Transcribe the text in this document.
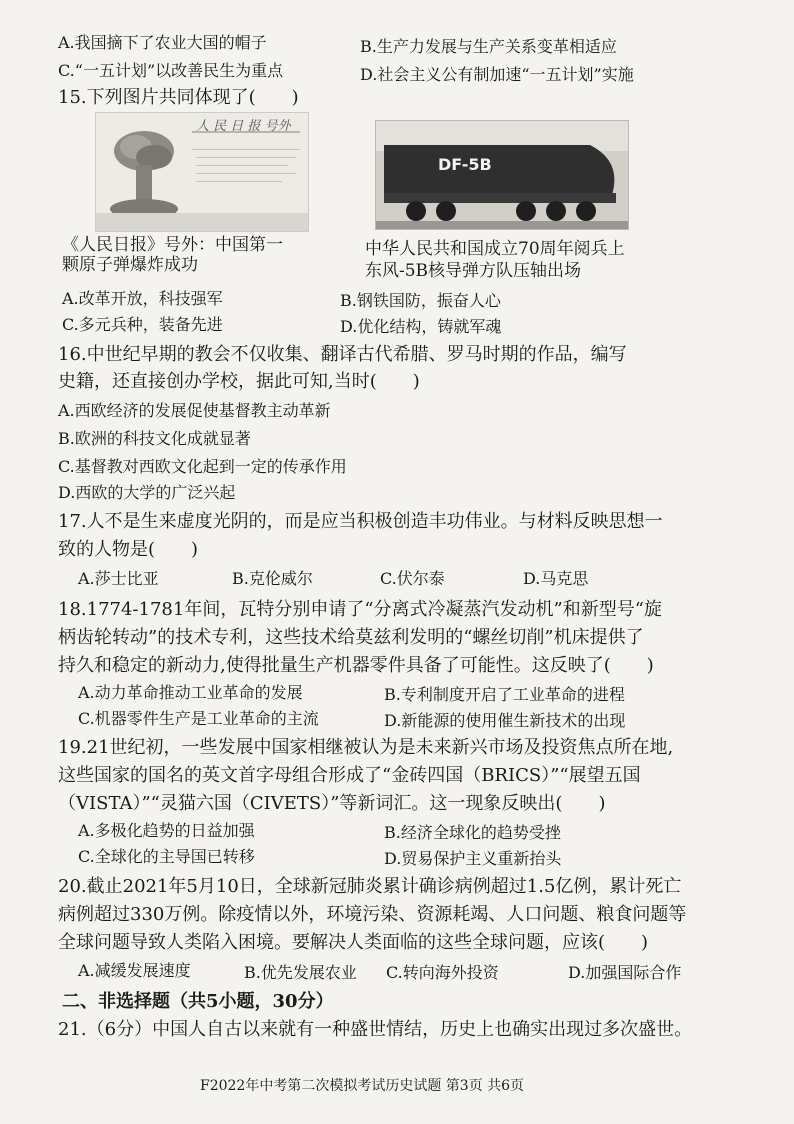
A.我国摘下了农业大国的帽子	B.生产力发展与生产关系变革相适应
C.“一五计划”以改善民生为重点	D.社会主义公有制加速“一五计划”实施
15.下列图片共同体现了(　　)
人 民 日 报 号外
《人民日报》号外：中国第一
颗原子弹爆炸成功
DF-5B
中华人民共和国成立70周年阅兵上
东风-5B核导弹方队压轴出场
A.改革开放，科技强军	B.钢铁国防，振奋人心
C.多元兵种，装备先进	D.优化结构，铸就军魂
16.中世纪早期的教会不仅收集、翻译古代希腊、罗马时期的作品，编写
史籍，还直接创办学校，据此可知,当时(　　)
A.西欧经济的发展促使基督教主动革新
B.欧洲的科技文化成就显著
C.基督教对西欧文化起到一定的传承作用
D.西欧的大学的广泛兴起
17.人不是生来虚度光阴的，而是应当积极创造丰功伟业。与材料反映思想一
致的人物是(　　)
A.莎士比亚	B.克伦威尔	C.伏尔泰	D.马克思
18.1774-1781年间，瓦特分别申请了“分离式冷凝蒸汽发动机”和新型号“旋
柄齿轮转动”的技术专利，这些技术给莫兹利发明的“螺丝切削”机床提供了
持久和稳定的新动力,使得批量生产机器零件具备了可能性。这反映了(　　)
A.动力革命推动工业革命的发展	B.专利制度开启了工业革命的进程
C.机器零件生产是工业革命的主流	D.新能源的使用催生新技术的出现
19.21世纪初，一些发展中国家相继被认为是未来新兴市场及投资焦点所在地,
这些国家的国名的英文首字母组合形成了“金砖四国（BRICS）”“展望五国
（VISTA）”“灵猫六国（CIVETS）”等新词汇。这一现象反映出(　　)
A.多极化趋势的日益加强	B.经济全球化的趋势受挫
C.全球化的主导国已转移	D.贸易保护主义重新抬头
20.截止2021年5月10日，全球新冠肺炎累计确诊病例超过1.5亿例，累计死亡
病例超过330万例。除疫情以外，环境污染、资源耗竭、人口问题、粮食问题等
全球问题导致人类陷入困境。要解决人类面临的这些全球问题，应该(　　)
A.减缓发展速度	B.优先发展农业 C.转向海外投资	D.加强国际合作
二、非选择题（共5小题，30分）
21.（6分）中国人自古以来就有一种盛世情结，历史上也确实出现过多次盛世。
F2022年中考第二次模拟考试历史试题 第3页 共6页
